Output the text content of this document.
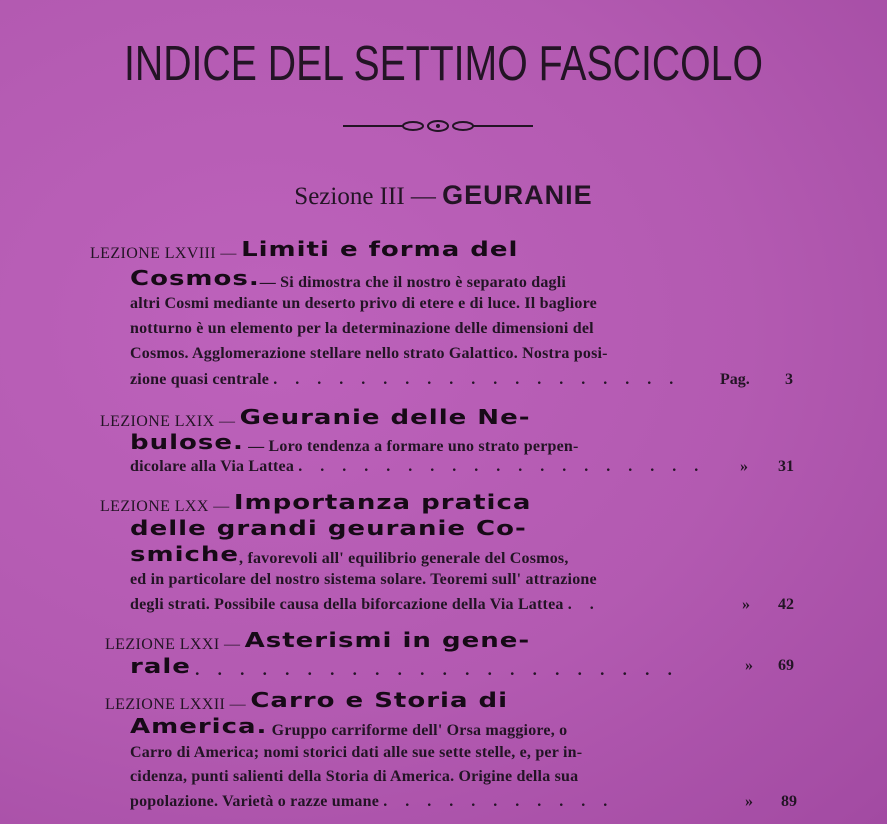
INDICE DEL SETTIMO FASCICOLO
Sezione III — GEURANIE
LEZIONE LXVIII — Limiti e forma del
Cosmos.— Si dimostra che il nostro è separato dagli
altri Cosmi mediante un deserto privo di etere e di luce. Il bagliore
notturno è un elemento per la determinazione delle dimensioni del
Cosmos. Agglomerazione stellare nello strato Galattico. Nostra posi-
zione quasi centrale . . . . . . . . . . . . . . . . . . . Pag. 3
LEZIONE LXIX — Geuranie delle Ne-
bulose. — Loro tendenza a formare uno strato perpen-
dicolare alla Via Lattea . . . . . . . . . . . . . . . . . . . » 31
LEZIONE LXX — Importanza pratica
delle grandi geuranie Co-
smiche, favorevoli all' equilibrio generale del Cosmos,
ed in particolare del nostro sistema solare. Teoremi sull' attrazione
degli strati. Possibile causa della biforcazione della Via Lattea . .	» 42
LEZIONE LXXI — Asterismi in gene-
rale . . . . . . . . . . . . . . . . . . . . . .	» 69
LEZIONE LXXII — Carro e Storia di
America. Gruppo carriforme dell' Orsa maggiore, o
Carro di America; nomi storici dati alle sue sette stelle, e, per in-
cidenza, punti salienti della Storia di America. Origine della sua
popolazione. Varietà o razze umane . . . . . . . . . . .	» 89
